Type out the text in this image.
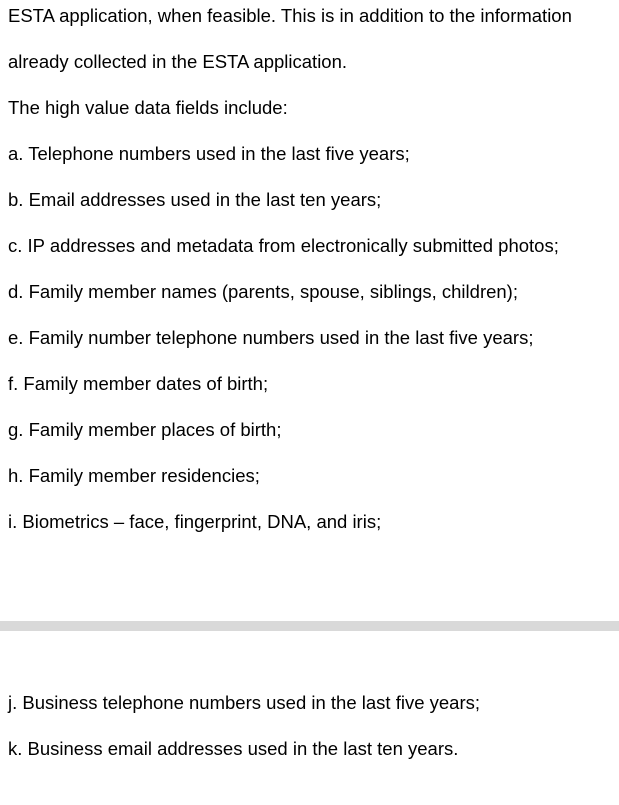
ESTA application, when feasible. This is in addition to the information
already collected in the ESTA application.
The high value data fields include:
a. Telephone numbers used in the last five years;
b. Email addresses used in the last ten years;
c. IP addresses and metadata from electronically submitted photos;
d. Family member names (parents, spouse, siblings, children);
e. Family number telephone numbers used in the last five years;
f. Family member dates of birth;
g. Family member places of birth;
h. Family member residencies;
i. Biometrics – face, fingerprint, DNA, and iris;
j. Business telephone numbers used in the last five years;
k. Business email addresses used in the last ten years.
